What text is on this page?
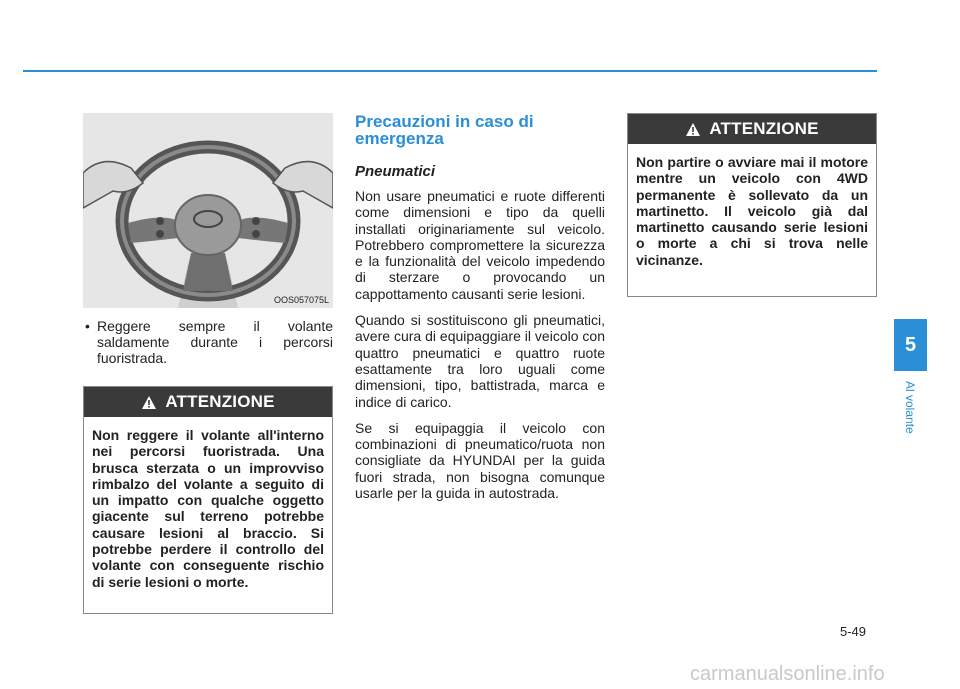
OOS057075L
• Reggere sempre il volante saldamente durante i percorsi fuoristrada.
ATTENZIONE
Non reggere il volante all'interno nei percorsi fuoristrada. Una brusca sterzata o un improvviso rimbalzo del volante a seguito di un impatto con qualche oggetto giacente sul terreno potrebbe causare lesioni al braccio. Si potrebbe perdere il controllo del volante con conseguente rischio di serie lesioni o morte.
Precauzioni in caso di emergenza
Pneumatici

Non usare pneumatici e ruote differenti come dimensioni e tipo da quelli installati originariamente sul veicolo. Potrebbero compromettere la sicurezza e la funzionalità del veicolo impedendo di sterzare o provocando un cappottamento causanti serie lesioni.

Quando si sostituiscono gli pneumatici, avere cura di equipaggiare il veicolo con quattro pneumatici e quattro ruote esattamente tra loro uguali come dimensioni, tipo, battistrada, marca e indice di carico.

Se si equipaggia il veicolo con combinazioni di pneumatico/ruota non consigliate da HYUNDAI per la guida fuori strada, non bisogna comunque usarle per la guida in autostrada.

ATTENZIONE
Non partire o avviare mai il motore mentre un veicolo con 4WD permanente è sollevato da un martinetto. Il veicolo già dal martinetto causando serie lesioni o morte a chi si trova nelle vicinanze.
5
Al volante
5-49
carmanualsonline.info
